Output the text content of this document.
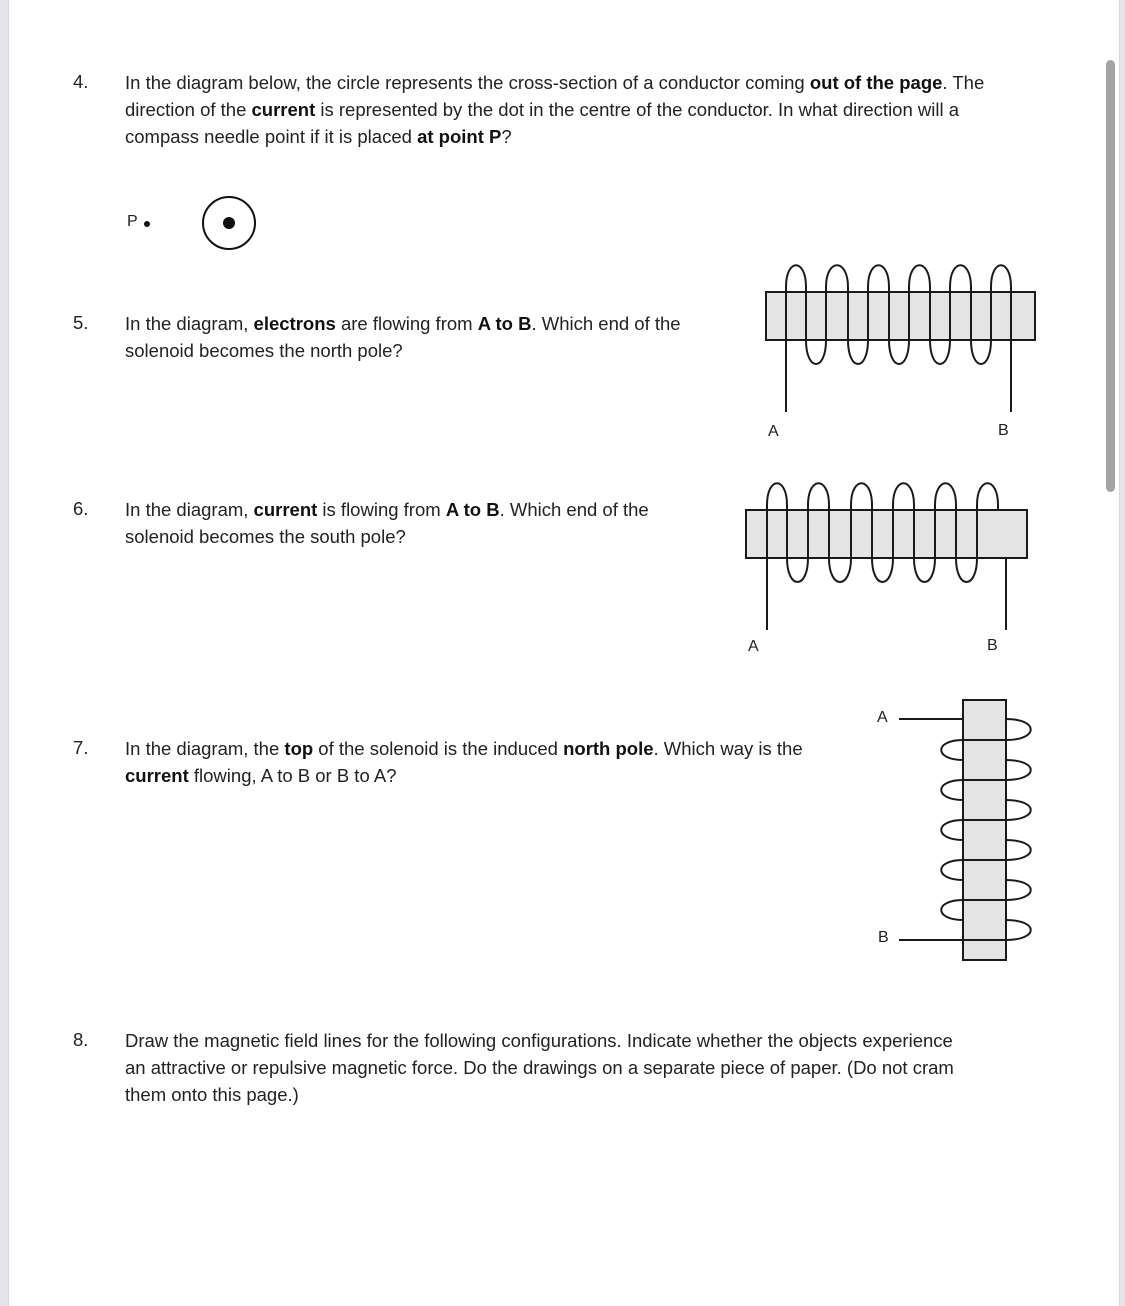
4. In the diagram below, the circle represents the cross-section of a conductor coming out of the page. The
direction of the current is represented by the dot in the centre of the conductor. In what direction will a
compass needle point if it is placed at point P?
P
5. In the diagram, electrons are flowing from A to B. Which end of the
solenoid becomes the north pole?
A	B
6. In the diagram, current is flowing from A to B. Which end of the
solenoid becomes the south pole?
A	B
7. In the diagram, the top of the solenoid is the induced north pole. Which way is the
current flowing, A to B or B to A?
A
B
8. Draw the magnetic field lines for the following configurations. Indicate whether the objects experience
an attractive or repulsive magnetic force. Do the drawings on a separate piece of paper. (Do not cram
them onto this page.)
